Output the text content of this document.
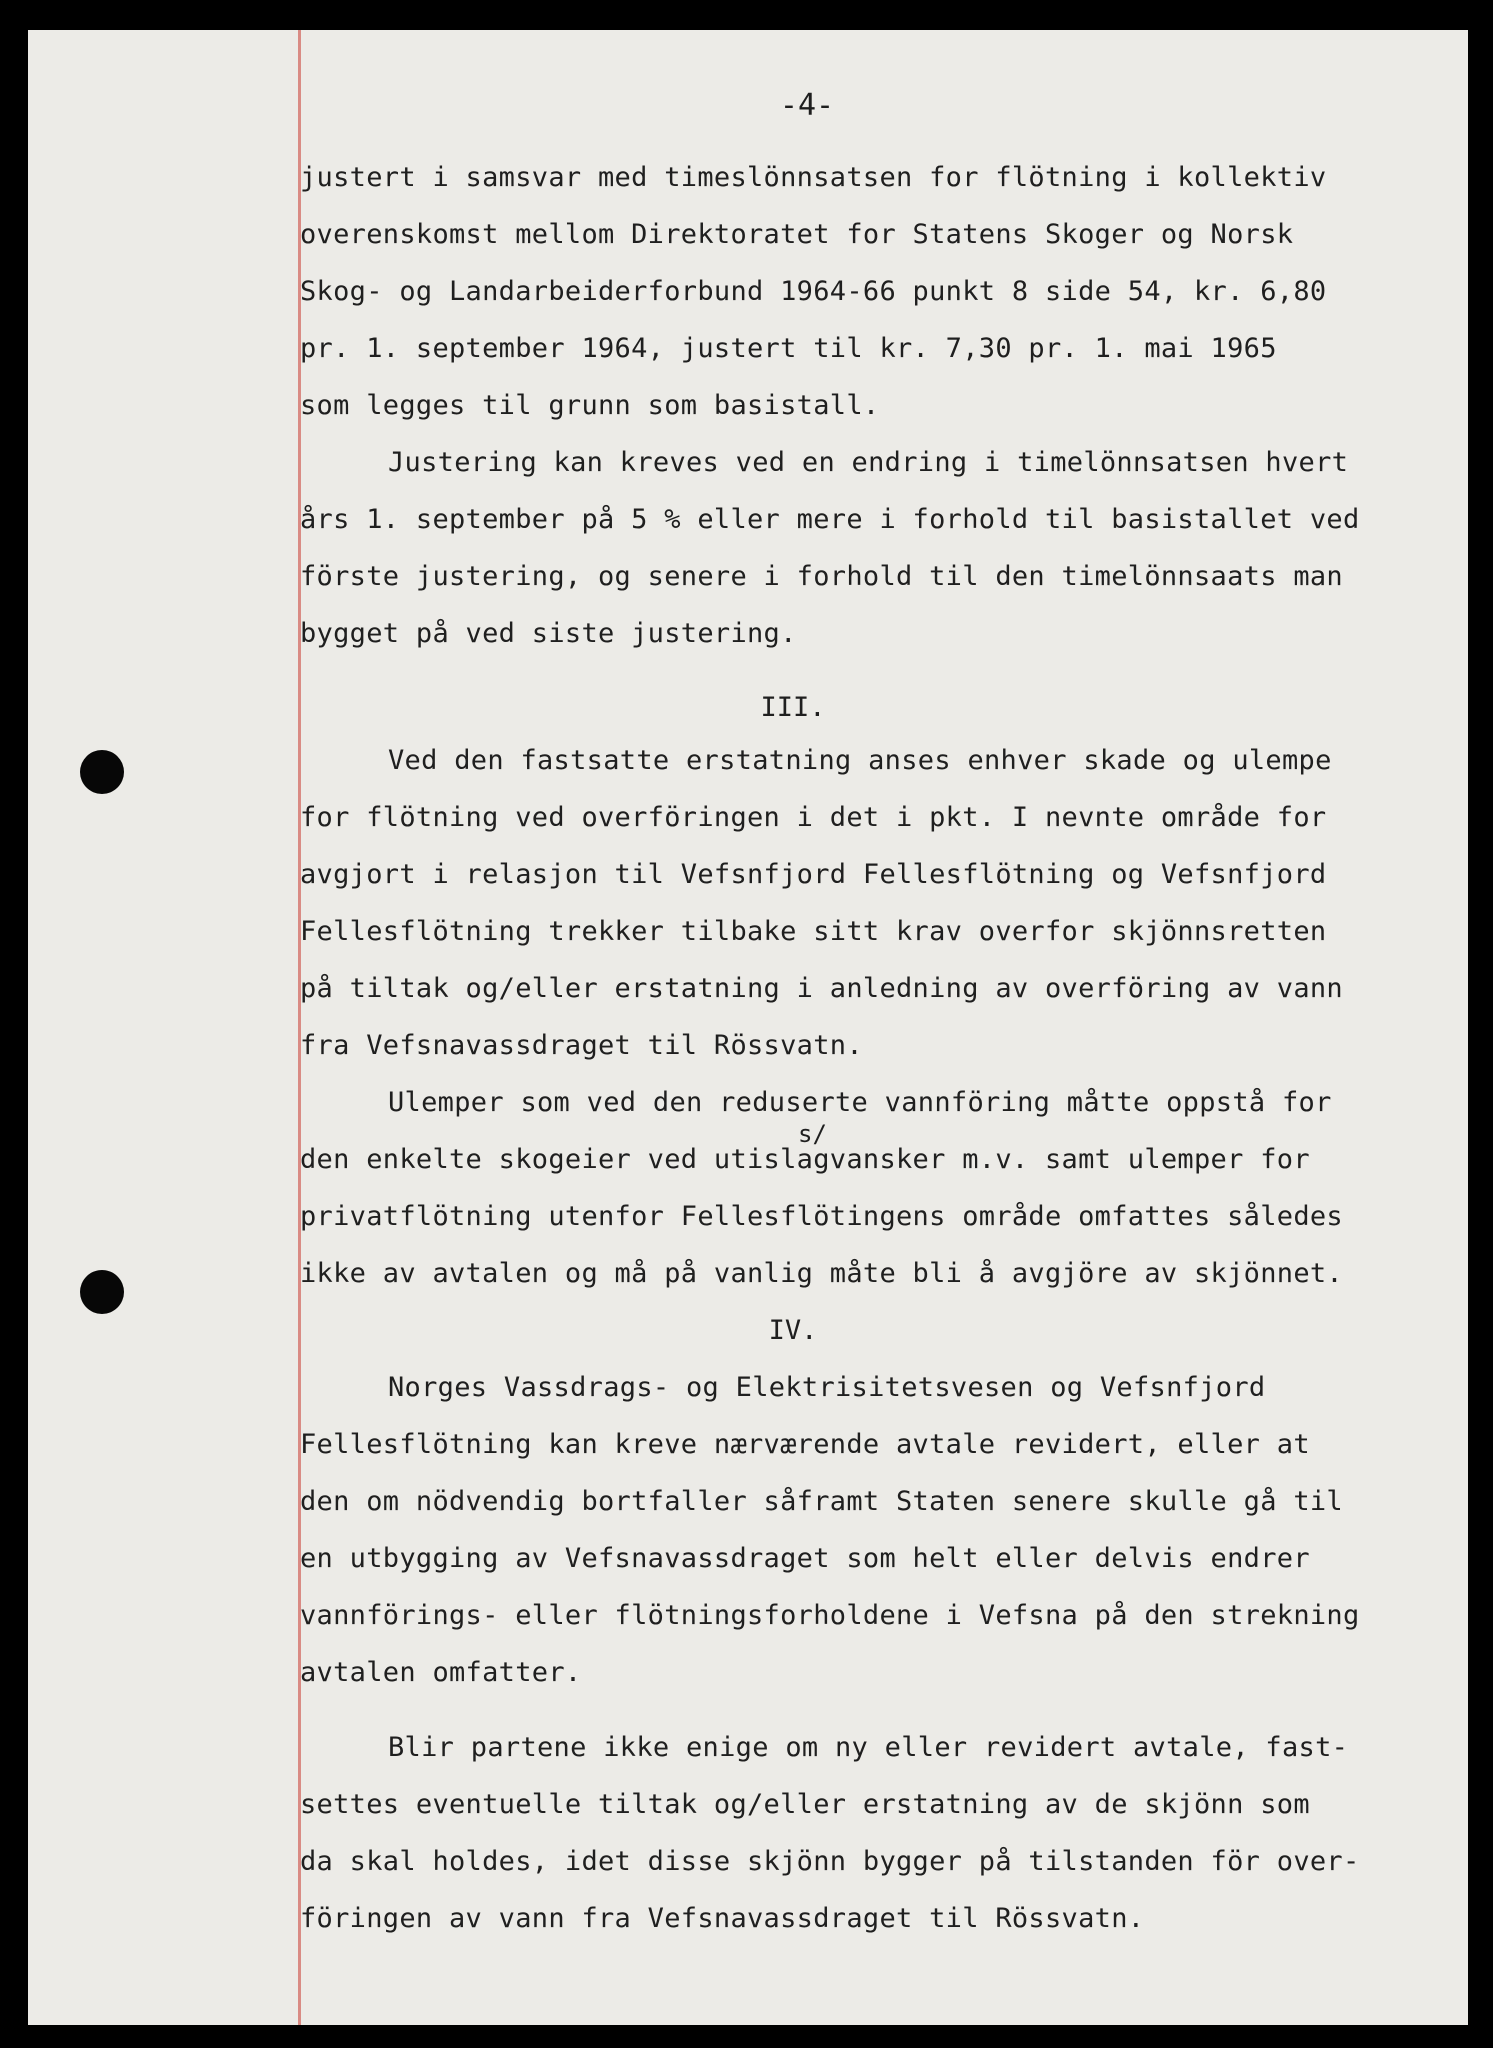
-4-
justert i samsvar med timeslönnsatsen for flötning i kollektiv
overenskomst mellom Direktoratet for Statens Skoger og Norsk
Skog- og Landarbeiderforbund 1964-66 punkt 8 side 54, kr. 6,80
pr. 1. september 1964, justert til kr. 7,30 pr. 1. mai 1965
som legges til grunn som basistall.
Justering kan kreves ved en endring i timelönnsatsen hvert
års 1. september på 5 % eller mere i forhold til basistallet ved
förste justering, og senere i forhold til den timelönnsaats man
bygget på ved siste justering.
III.
Ved den fastsatte erstatning anses enhver skade og ulempe
for flötning ved overföringen i det i pkt. I nevnte område for
avgjort i relasjon til Vefsnfjord Fellesflötning og Vefsnfjord
Fellesflötning trekker tilbake sitt krav overfor skjönnsretten
på tiltak og/eller erstatning i anledning av overföring av vann
fra Vefsnavassdraget til Rössvatn.
Ulemper som ved den reduserte vannföring måtte oppstå for
s/
den enkelte skogeier ved utislagvansker m.v. samt ulemper for
privatflötning utenfor Fellesflötingens område omfattes således
ikke av avtalen og må på vanlig måte bli å avgjöre av skjönnet.
IV.
Norges Vassdrags- og Elektrisitetsvesen og Vefsnfjord
Fellesflötning kan kreve nærværende avtale revidert, eller at
den om nödvendig bortfaller såframt Staten senere skulle gå til
en utbygging av Vefsnavassdraget som helt eller delvis endrer
vannförings- eller flötningsforholdene i Vefsna på den strekning
avtalen omfatter.
Blir partene ikke enige om ny eller revidert avtale, fast-
settes eventuelle tiltak og/eller erstatning av de skjönn som
da skal holdes, idet disse skjönn bygger på tilstanden för over-
föringen av vann fra Vefsnavassdraget til Rössvatn.
